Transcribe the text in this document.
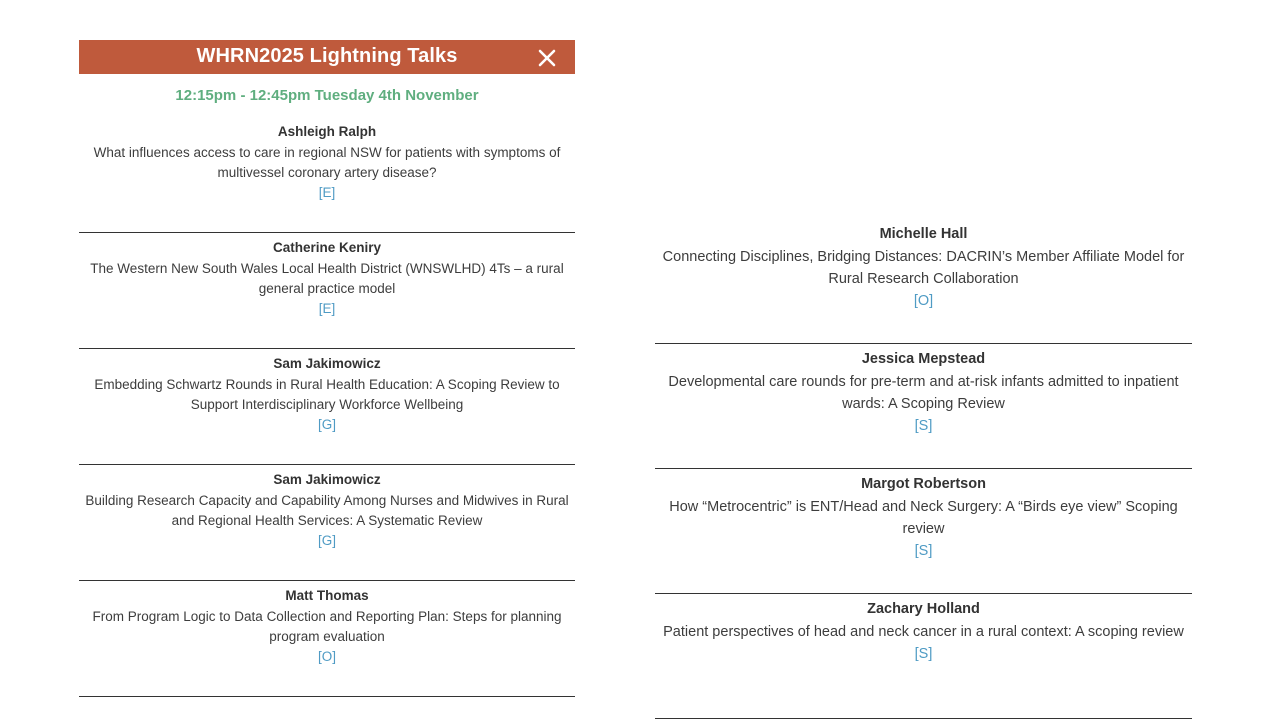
WHRN2025 Lightning Talks
12:15pm - 12:45pm Tuesday 4th November
Ashleigh Ralph
What influences access to care in regional NSW for patients with symptoms of multivessel coronary artery disease?
[E]
Catherine Keniry
The Western New South Wales Local Health District (WNSWLHD) 4Ts – a rural general practice model
[E]
Sam Jakimowicz
Embedding Schwartz Rounds in Rural Health Education: A Scoping Review to Support Interdisciplinary Workforce Wellbeing
[G]
Sam Jakimowicz
Building Research Capacity and Capability Among Nurses and Midwives in Rural and Regional Health Services: A Systematic Review
[G]
Matt Thomas
From Program Logic to Data Collection and Reporting Plan: Steps for planning program evaluation
[O]
Michelle Hall
Connecting Disciplines, Bridging Distances: DACRIN’s Member Affiliate Model for Rural Research Collaboration
[O]
Jessica Mepstead
Developmental care rounds for pre-term and at-risk infants admitted to inpatient wards: A Scoping Review
[S]
Margot Robertson
How “Metrocentric” is ENT/Head and Neck Surgery: A “Birds eye view” Scoping review
[S]
Zachary Holland
Patient perspectives of head and neck cancer in a rural context: A scoping review
[S]
